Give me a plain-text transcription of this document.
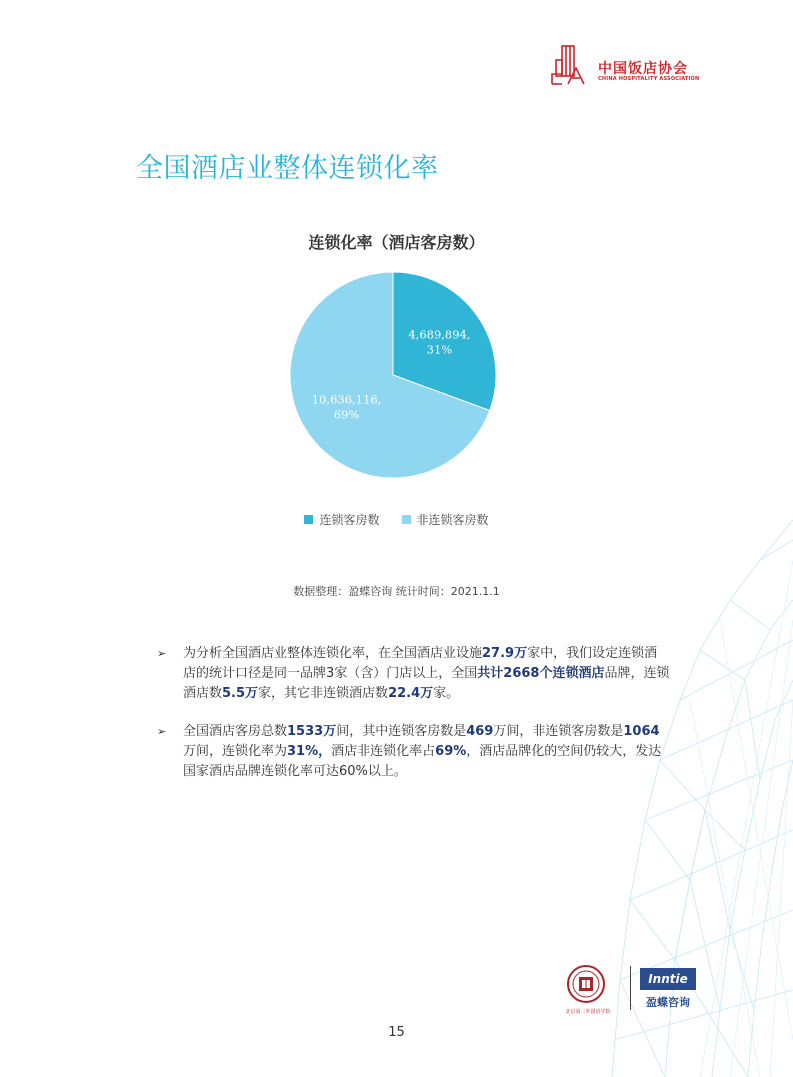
中国饭店协会
CHINA HOSPITALITY ASSOCIATION
全国酒店业整体连锁化率
连锁化率（酒店客房数）
4,689,894, 31%
10,636,116, 69%
连锁客房数	非连锁客房数
数据整理：盈蝶咨询 统计时间：2021.1.1
➢ 为分析全国酒店业整体连锁化率，在全国酒店业设施27.9万家中，我们设定连锁酒店的统计口径是同一品牌3家（含）门店以上，全国共计2668个连锁酒店品牌，连锁酒店数5.5万家，其它非连锁酒店数22.4万家。
➢ 全国酒店客房总数1533万间，其中连锁客房数是469万间，非连锁客房数是1064万间，连锁化率为31%，酒店非连锁化率占69%，酒店品牌化的空间仍较大，发达国家酒店品牌连锁化率可达60%以上。
北京第二外国语学院
Inntie
盈蝶咨询
15
